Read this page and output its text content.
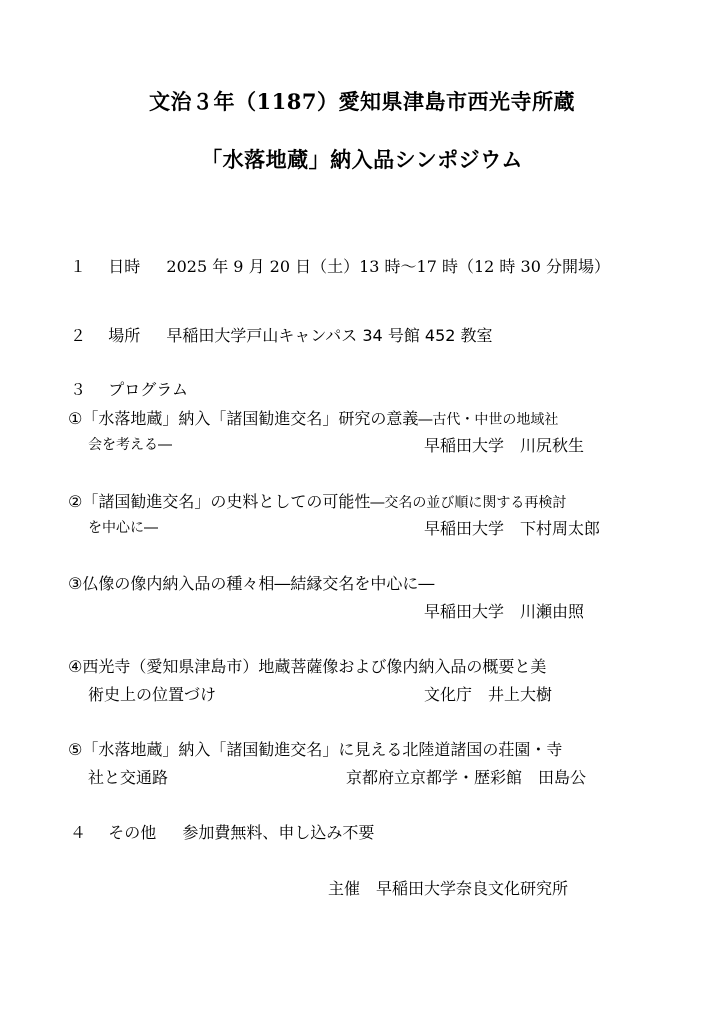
文治３年（1187）愛知県津島市西光寺所蔵
「水落地蔵」納入品シンポジウム
１ 日時 2025 年 9 月 20 日（土）13 時～17 時（12 時 30 分開場）
２ 場所 早稲田大学戸山キャンパス 34 号館 452 教室
３ プログラム
①「水落地蔵」納入「諸国勧進交名」研究の意義―古代・中世の地域社
会を考える―	早稲田大学　川尻秋生
②「諸国勧進交名」の史料としての可能性―交名の並び順に関する再検討
を中心に―	早稲田大学　下村周太郎
③仏像の像内納入品の種々相―結縁交名を中心に―
早稲田大学　川瀬由照
④西光寺（愛知県津島市）地蔵菩薩像および像内納入品の概要と美
術史上の位置づけ	文化庁　井上大樹
⑤「水落地蔵」納入「諸国勧進交名」に見える北陸道諸国の荘園・寺
社と交通路	京都府立京都学・歴彩館　田島公
４ その他 参加費無料、申し込み不要
主催　早稲田大学奈良文化研究所
